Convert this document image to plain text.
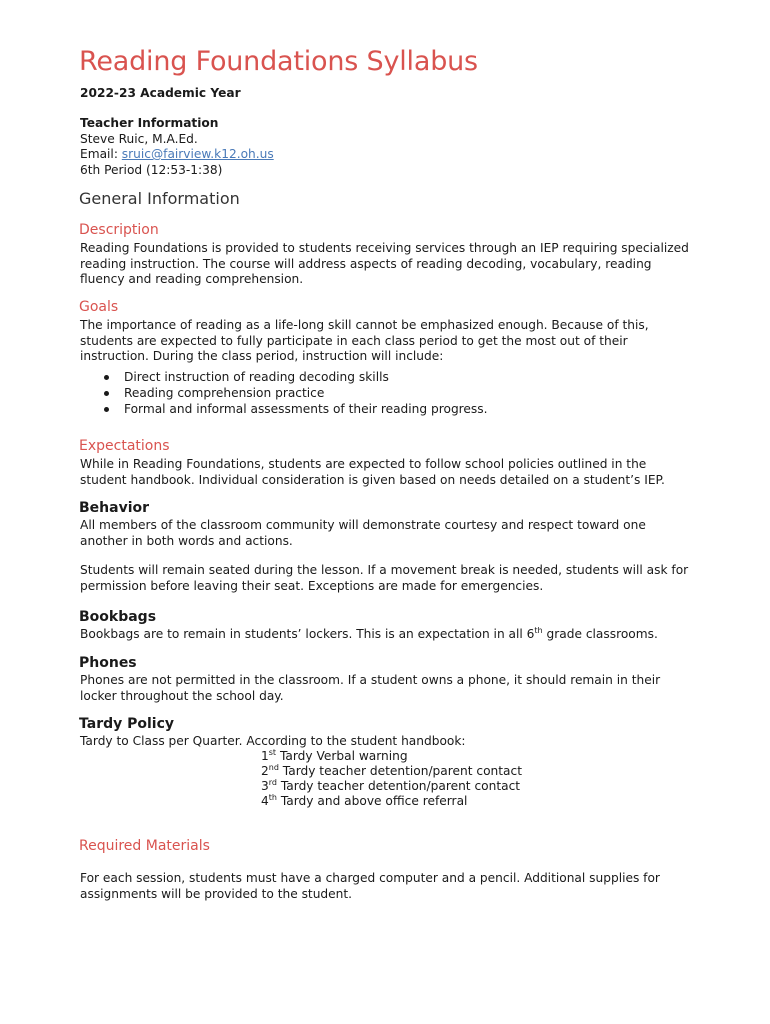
Reading Foundations Syllabus
2022-23 Academic Year
Teacher Information
Steve Ruic, M.A.Ed.
Email: sruic@fairview.k12.oh.us
6th Period (12:53-1:38)
General Information
Description

Reading Foundations is provided to students receiving services through an IEP requiring specialized reading instruction. The course will address aspects of reading decoding, vocabulary, reading fluency and reading comprehension.

Goals

The importance of reading as a life-long skill cannot be emphasized enough. Because of this, students are expected to fully participate in each class period to get the most out of their instruction. During the class period, instruction will include:

Direct instruction of reading decoding skills
Reading comprehension practice
Formal and informal assessments of their reading progress.
Expectations

While in Reading Foundations, students are expected to follow school policies outlined in the student handbook. Individual consideration is given based on needs detailed on a student’s IEP.

Behavior

All members of the classroom community will demonstrate courtesy and respect toward one another in both words and actions.

Students will remain seated during the lesson. If a movement break is needed, students will ask for permission before leaving their seat. Exceptions are made for emergencies.

Bookbags

Bookbags are to remain in students’ lockers. This is an expectation in all 6th grade classrooms.

Phones

Phones are not permitted in the classroom. If a student owns a phone, it should remain in their locker throughout the school day.

Tardy Policy

Tardy to Class per Quarter. According to the student handbook:

1st Tardy Verbal warning
2nd Tardy teacher detention/parent contact
3rd Tardy teacher detention/parent contact
4th Tardy and above office referral
Required Materials

For each session, students must have a charged computer and a pencil. Additional supplies for assignments will be provided to the student.
